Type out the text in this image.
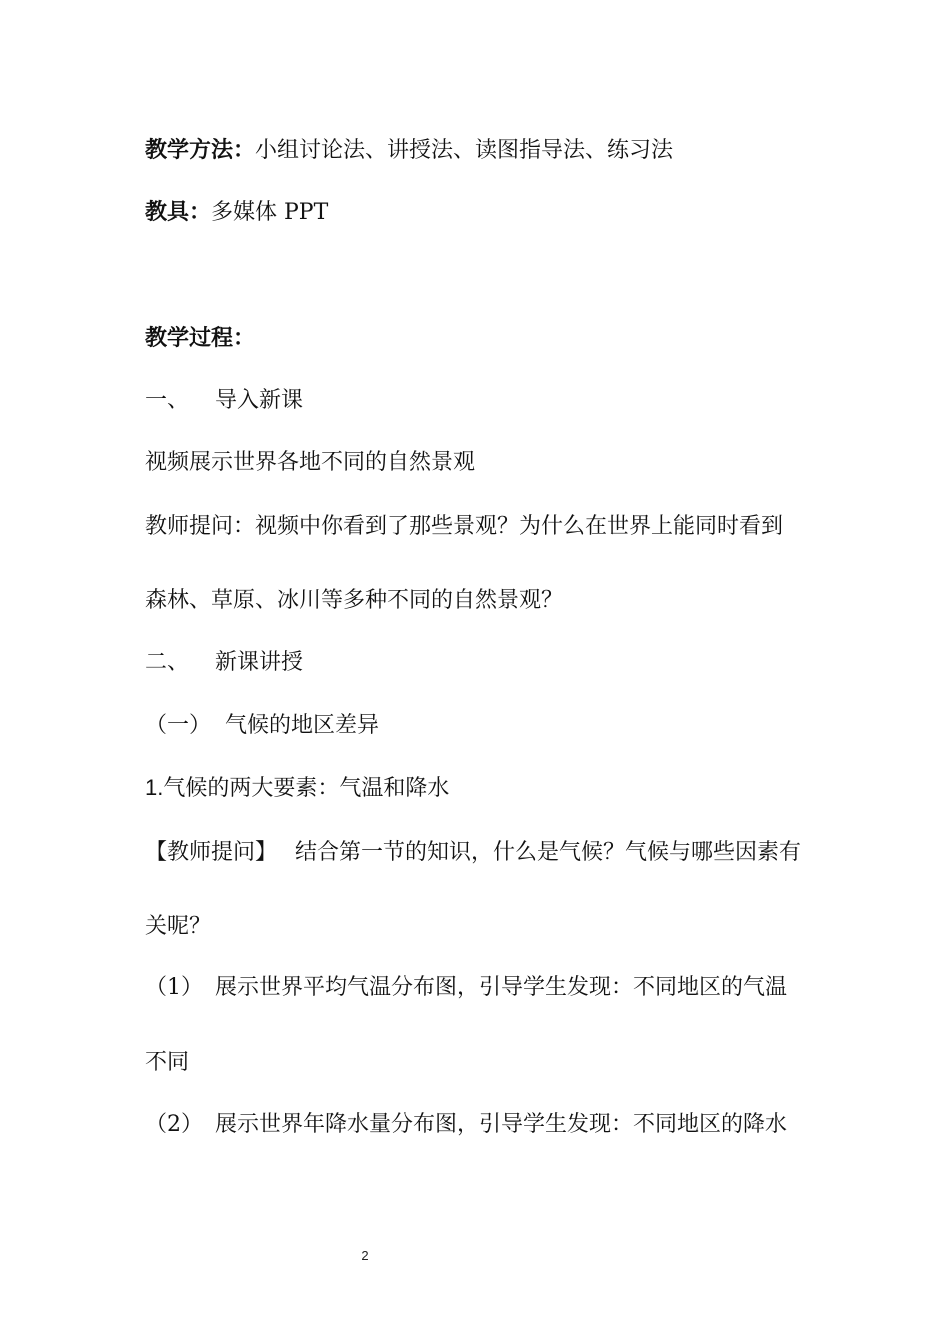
教学方法：小组讨论法、讲授法、读图指导法、练习法
教具：多媒体 PPT
教学过程：
一、 导入新课
视频展示世界各地不同的自然景观
教师提问：视频中你看到了那些景观？为什么在世界上能同时看到
森林、草原、冰川等多种不同的自然景观？
二、 新课讲授
（一） 气候的地区差异
1.气候的两大要素：气温和降水
【教师提问】 结合第一节的知识，什么是气候？气候与哪些因素有
关呢？
（1） 展示世界平均气温分布图，引导学生发现：不同地区的气温
不同
（2） 展示世界年降水量分布图，引导学生发现：不同地区的降水
2
